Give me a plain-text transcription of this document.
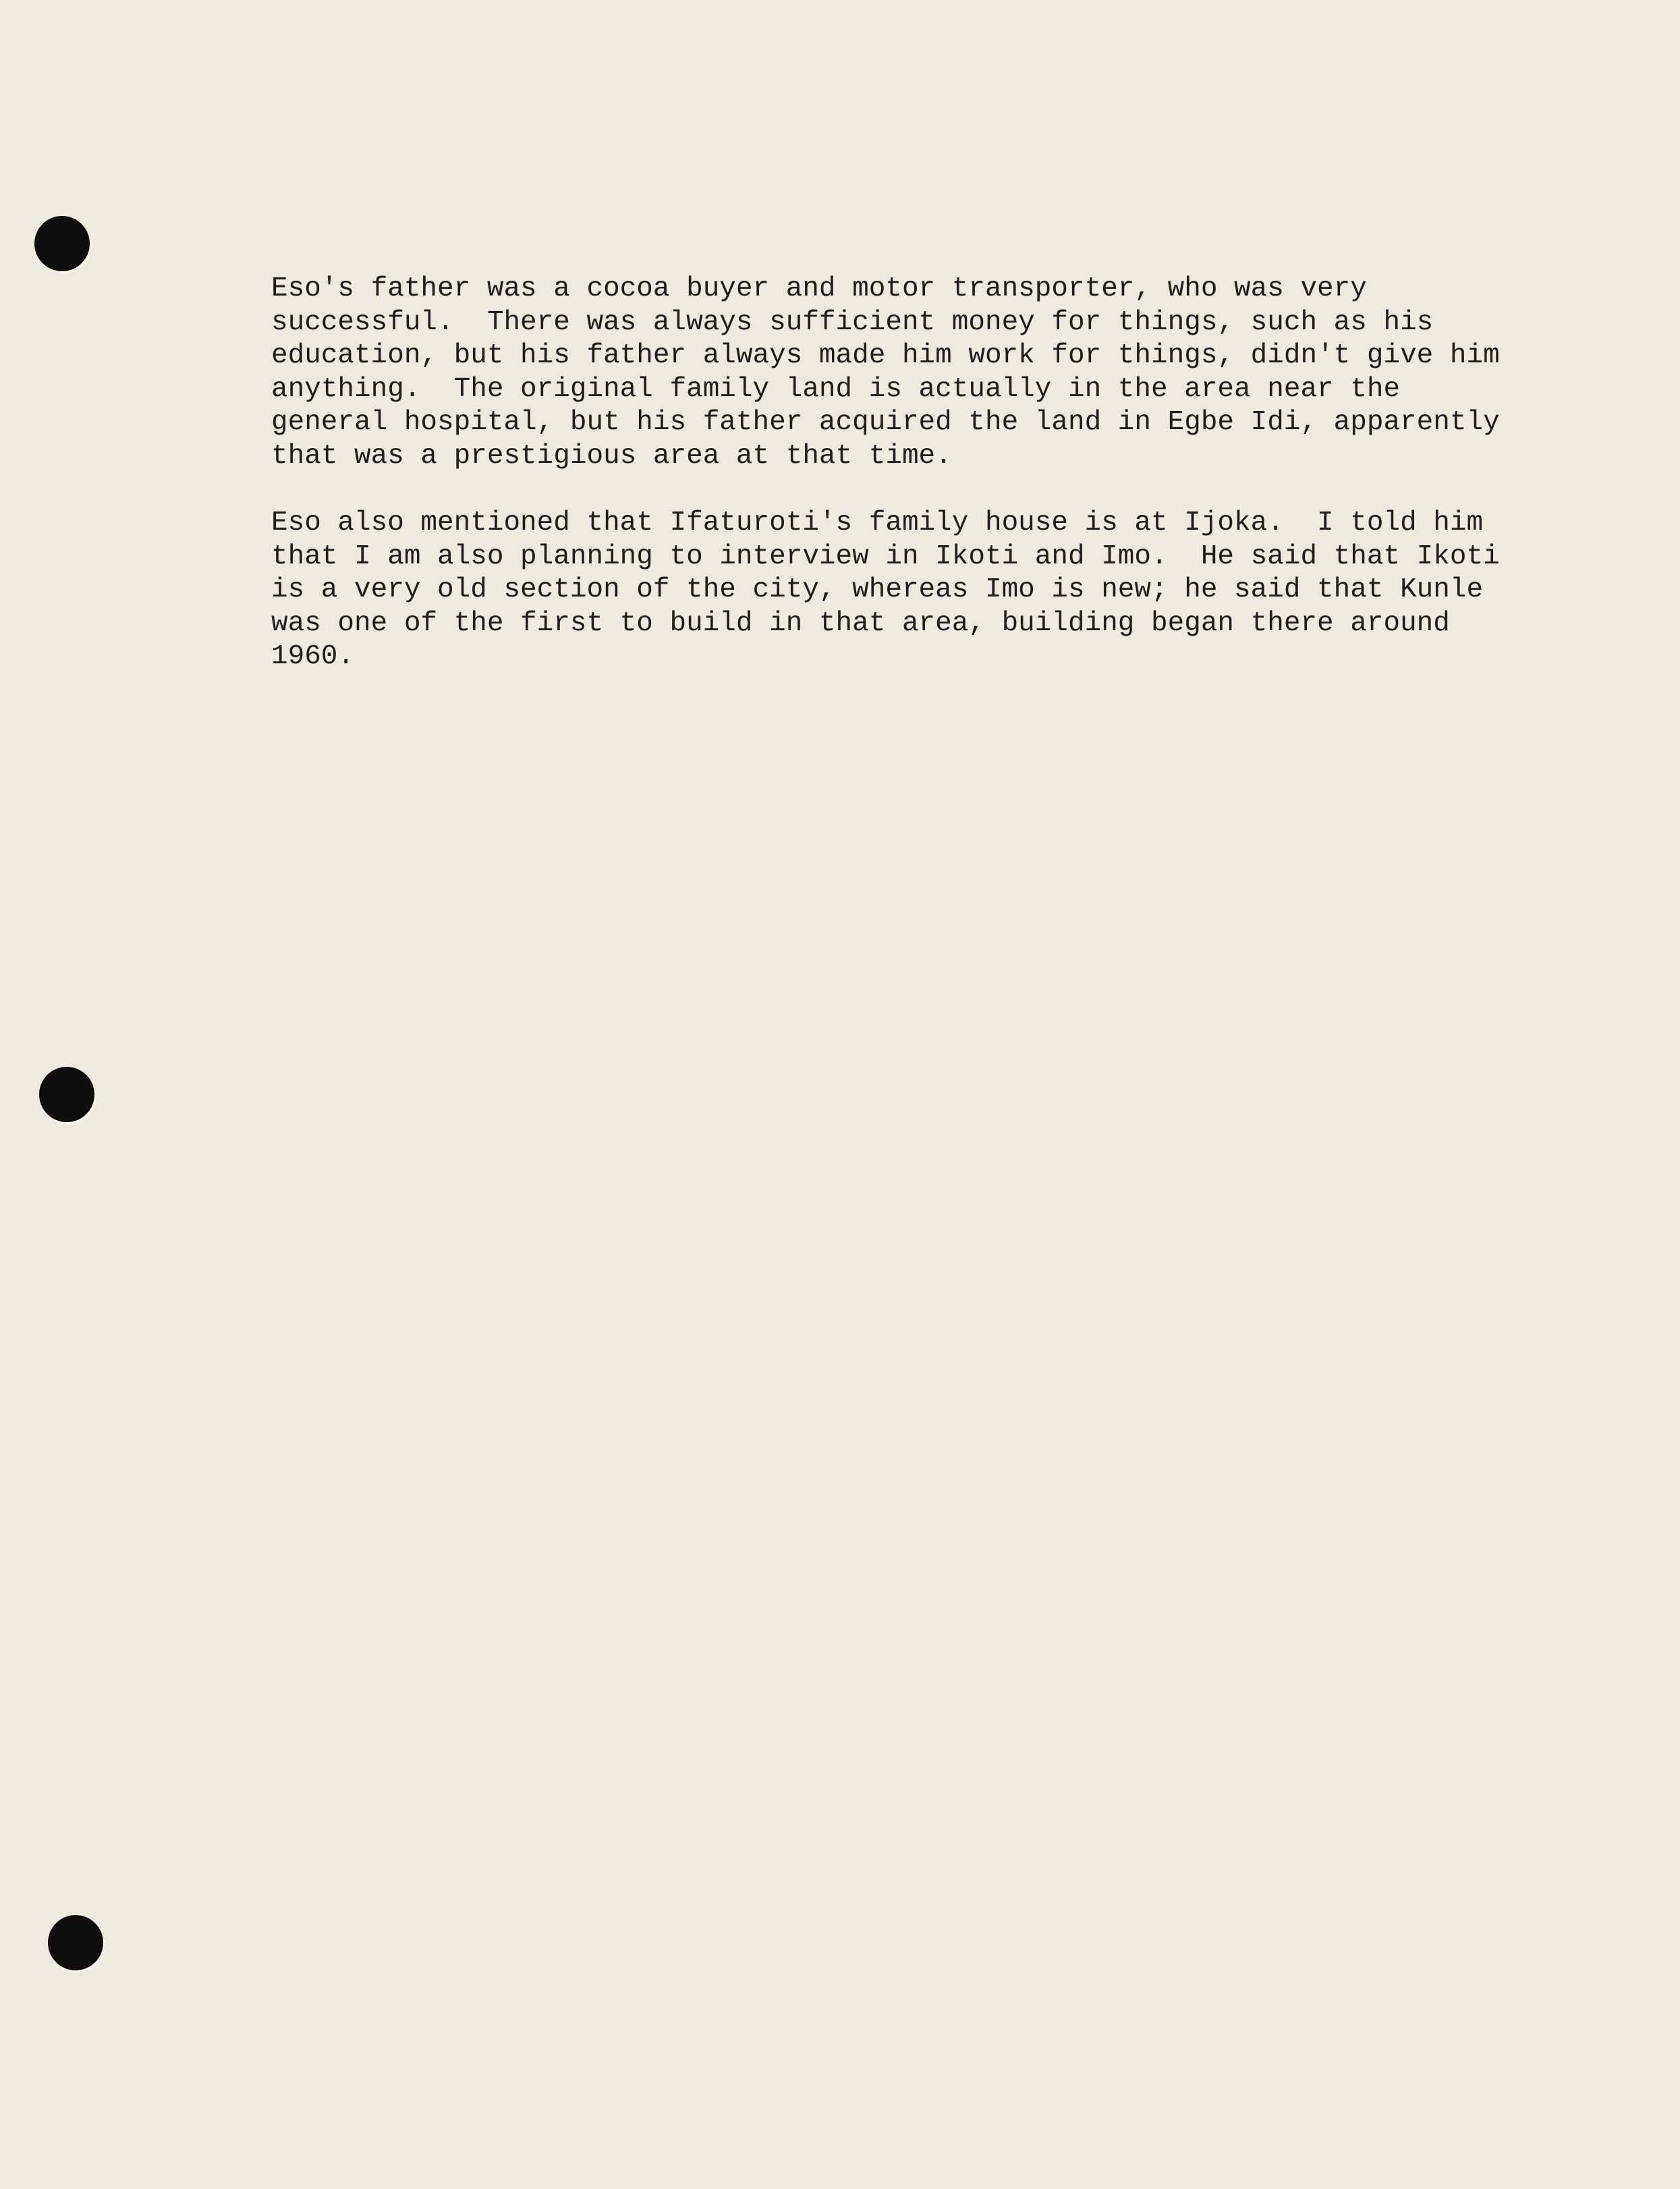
Eso's father was a cocoa buyer and motor transporter, who was very
successful.  There was always sufficient money for things, such as his
education, but his father always made him work for things, didn't give him
anything.  The original family land is actually in the area near the
general hospital, but his father acquired the land in Egbe Idi, apparently
that was a prestigious area at that time.

Eso also mentioned that Ifaturoti's family house is at Ijoka.  I told him
that I am also planning to interview in Ikoti and Imo.  He said that Ikoti
is a very old section of the city, whereas Imo is new; he said that Kunle
was one of the first to build in that area, building began there around
1960.
